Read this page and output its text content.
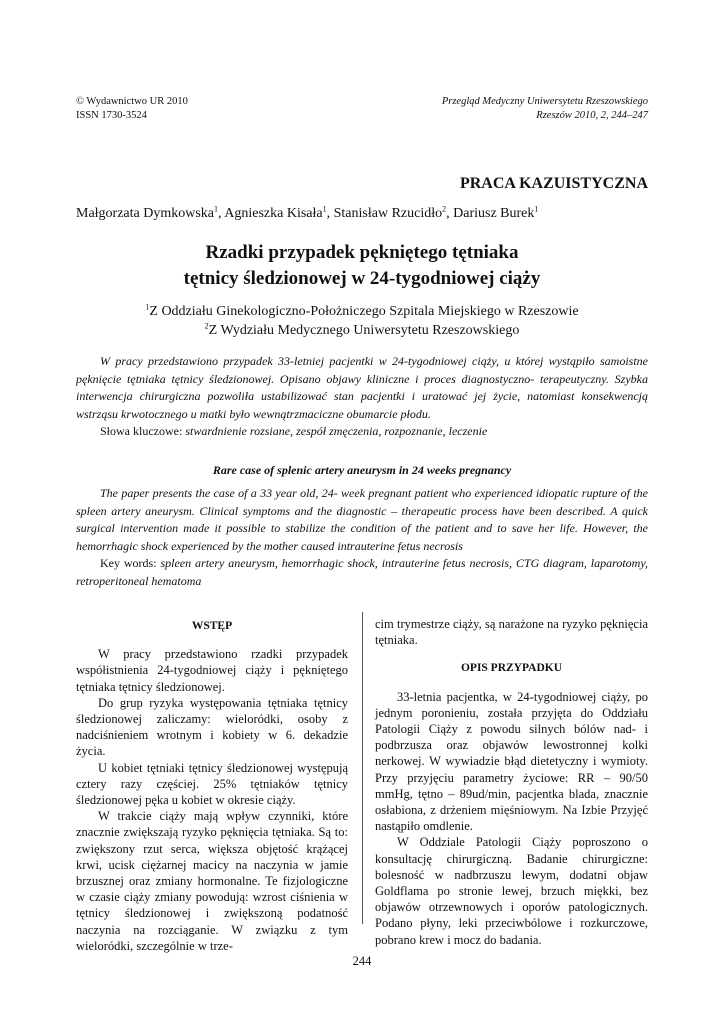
© Wydawnictwo UR 2010
ISSN 1730-3524
Przegląd Medyczny Uniwersytetu Rzeszowskiego
Rzeszów 2010, 2, 244–247
PRACA KAZUISTYCZNA
Małgorzata Dymkowska$^1$, Agnieszka Kisała$^1$, Stanisław Rzucidło$^2$, Dariusz Burek$^1$
Rzadki przypadek pękniętego tętniaka
tętnicy śledzionowej w 24-tygodniowej ciąży
$^1$Z Oddziału Ginekologiczno-Położniczego Szpitala Miejskiego w Rzeszowie
$^2$Z Wydziału Medycznego Uniwersytetu Rzeszowskiego

W pracy przedstawiono przypadek 33-letniej pacjentki w 24-tygodniowej ciąży, u której wystąpiło samoistne pęknięcie tętniaka tętnicy śledzionowej. Opisano objawy kliniczne i proces diagnostyczno- terapeutyczny. Szybka interwencja chirurgiczna pozwoliła ustabilizować stan pacjentki i uratować jej życie, natomiast konsekwencją wstrząsu krwotocznego u matki było wewnątrzmaciczne obumarcie płodu.

Słowa kluczowe: stwardnienie rozsiane, zespół zmęczenia, rozpoznanie, leczenie

Rare case of splenic artery aneurysm in 24 weeks pregnancy

The paper presents the case of a 33 year old, 24- week pregnant patient who experienced idiopatic rupture of the spleen artery aneurysm. Clinical symptoms and the diagnostic – therapeutic process have been described. A quick surgical intervention made it possible to stabilize the condition of the patient and to save her life. However, the hemorrhagic shock experienced by the mother caused intrauterine fetus necrosis

Key words: spleen artery aneurysm, hemorrhagic shock, intrauterine fetus necrosis, CTG diagram, laparotomy, retroperitoneal hematoma

WSTĘP

W pracy przedstawiono rzadki przypadek współistnienia 24-tygodniowej ciąży i pękniętego tętniaka tętnicy śledzionowej.

Do grup ryzyka występowania tętniaka tętnicy śledzionowej zaliczamy: wieloródki, osoby z nadciśnieniem wrotnym i kobiety w 6. dekadzie życia.

U kobiet tętniaki tętnicy śledzionowej występują cztery razy częściej. 25% tętniaków tętnicy śledzionowej pęka u kobiet w okresie ciąży.

W trakcie ciąży mają wpływ czynniki, które znacznie zwiększają ryzyko pęknięcia tętniaka. Są to: zwiększony rzut serca, większa objętość krążącej krwi, ucisk ciężarnej macicy na naczynia w jamie brzusznej oraz zmiany hormonalne. Te fizjologiczne w czasie ciąży zmiany powodują: wzrost ciśnienia w tętnicy śledzionowej i zwiększoną podatność naczynia na rozciąganie. W związku z tym wieloródki, szczególnie w trze-

cim trymestrze ciąży, są narażone na ryzyko pęknięcia tętniaka.

OPIS PRZYPADKU

33-letnia pacjentka, w 24-tygodniowej ciąży, po jednym poronieniu, została przyjęta do Oddziału Patologii Ciąży z powodu silnych bólów nad- i podbrzusza oraz objawów lewostronnej kolki nerkowej. W wywiadzie błąd dietetyczny i wymioty. Przy przyjęciu parametry życiowe: RR – 90/50 mmHg, tętno – 89ud/min, pacjentka blada, znacznie osłabiona, z drżeniem mięśniowym. Na Izbie Przyjęć nastąpiło omdlenie.

W Oddziale Patologii Ciąży poproszono o konsultację chirurgiczną. Badanie chirurgiczne: bolesność w nadbrzuszu lewym, dodatni objaw Goldflama po stronie lewej, brzuch miękki, bez objawów otrzewnowych i oporów patologicznych. Podano płyny, leki przeciwbólowe i rozkurczowe, pobrano krew i mocz do badania.

244
